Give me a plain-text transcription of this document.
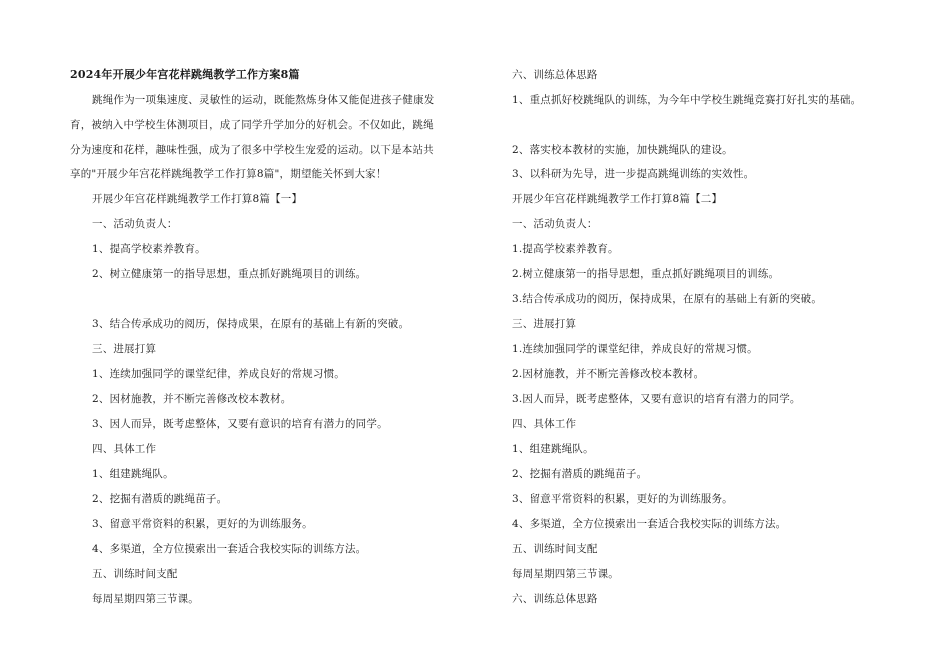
2024年开展少年宫花样跳绳教学工作方案8篇
跳绳作为一项集速度、灵敏性的运动，既能熬炼身体又能促进孩子健康发
育，被纳入中学校生体测项目，成了同学升学加分的好机会。不仅如此，跳绳
分为速度和花样，趣味性强，成为了很多中学校生宠爱的运动。以下是本站共
享的"开展少年宫花样跳绳教学工作打算8篇"，期望能关怀到大家！
开展少年宫花样跳绳教学工作打算8篇【一】
一、活动负责人：
1、提高学校素养教育。
2、树立健康第一的指导思想，重点抓好跳绳项目的训练。
3、结合传承成功的阅历，保持成果，在原有的基础上有新的突破。
三、进展打算
1、连续加强同学的课堂纪律，养成良好的常规习惯。
2、因材施教，并不断完善修改校本教材。
3、因人而异，既考虑整体，又要有意识的培育有潜力的同学。
四、具体工作
1、组建跳绳队。
2、挖掘有潜质的跳绳苗子。
3、留意平常资料的积累，更好的为训练服务。
4、多渠道，全方位摸索出一套适合我校实际的训练方法。
五、训练时间支配
每周星期四第三节课。
六、训练总体思路
1、重点抓好校跳绳队的训练，为今年中学校生跳绳竞赛打好扎实的基础。
2、落实校本教材的实施，加快跳绳队的建设。
3、以科研为先导，进一步提高跳绳训练的实效性。
开展少年宫花样跳绳教学工作打算8篇【二】
一、活动负责人：
1.提高学校素养教育。
2.树立健康第一的指导思想，重点抓好跳绳项目的训练。
3.结合传承成功的阅历，保持成果，在原有的基础上有新的突破。
三、进展打算
1.连续加强同学的课堂纪律，养成良好的常规习惯。
2.因材施教，并不断完善修改校本教材。
3.因人而异，既考虑整体，又要有意识的培育有潜力的同学。
四、具体工作
1、组建跳绳队。
2、挖掘有潜质的跳绳苗子。
3、留意平常资料的积累，更好的为训练服务。
4、多渠道，全方位摸索出一套适合我校实际的训练方法。
五、训练时间支配
每周星期四第三节课。
六、训练总体思路
